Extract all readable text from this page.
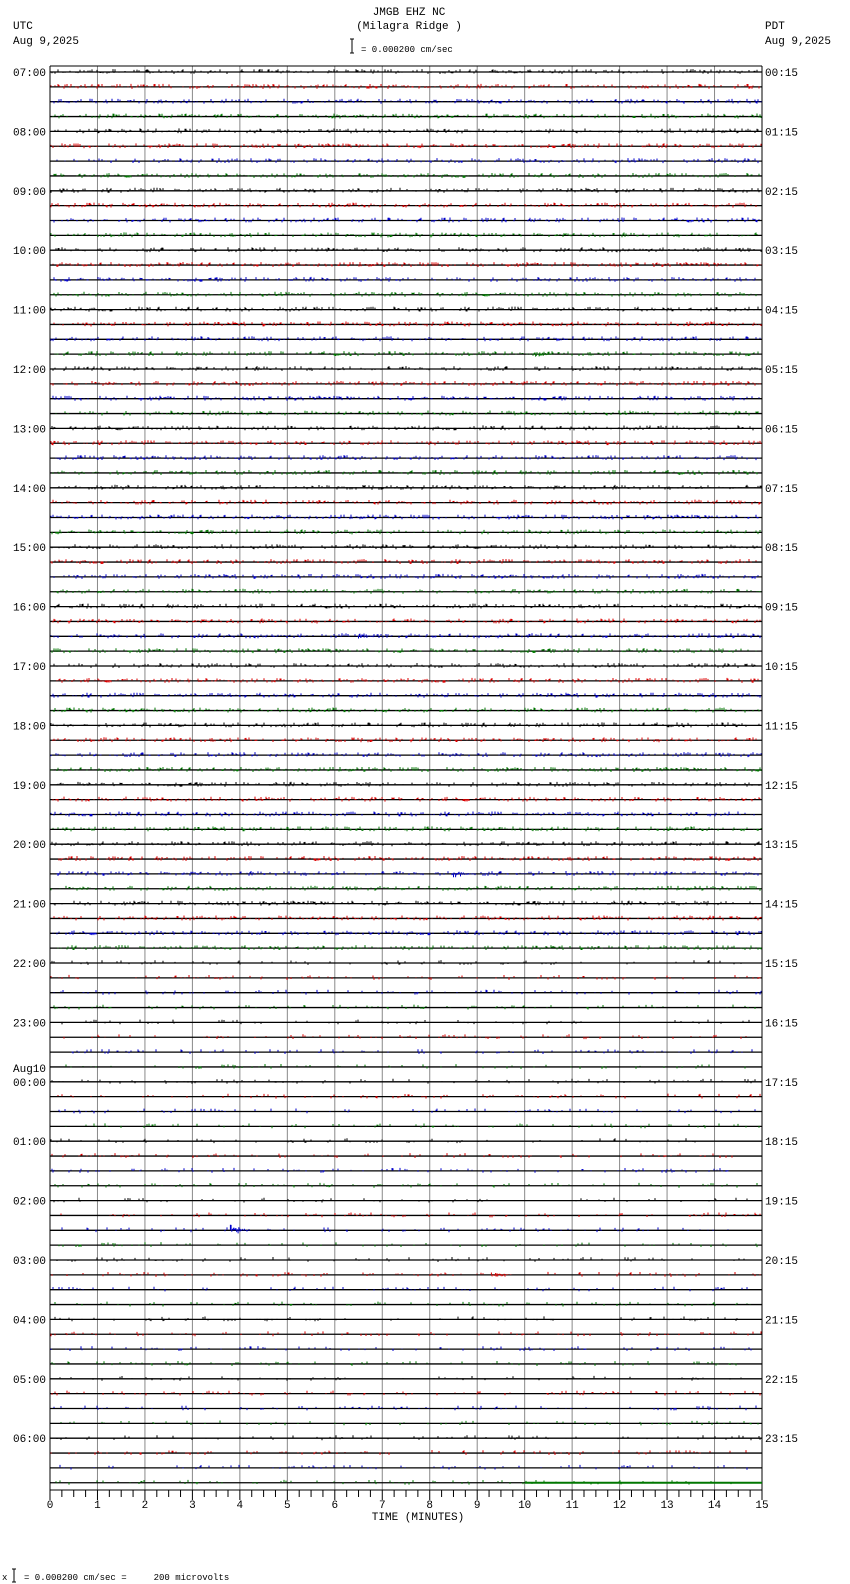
JMGB EHZ NC
(Milagra Ridge )
UTC
Aug 9,2025
PDT
Aug 9,2025
= 0.000200 cm/sec
07:00	00:15
08:00	01:15
09:00	02:15
10:00	03:15
11:00	04:15
12:00	05:15
13:00	06:15
14:00	07:15
15:00	08:15
16:00	09:15
17:00	10:15
18:00	11:15
19:00	12:15
20:00	13:15
21:00	14:15
22:00	15:15
23:00	16:15
00:00	17:15
Aug10
01:00	18:15
02:00	19:15
03:00	20:15
04:00	21:15
05:00	22:15
06:00	23:15
0	1	2	3	4	5	6	7	8	9	10	11	12	13	14	15
TIME (MINUTES)
x = 0.000200 cm/sec =     200 microvolts
